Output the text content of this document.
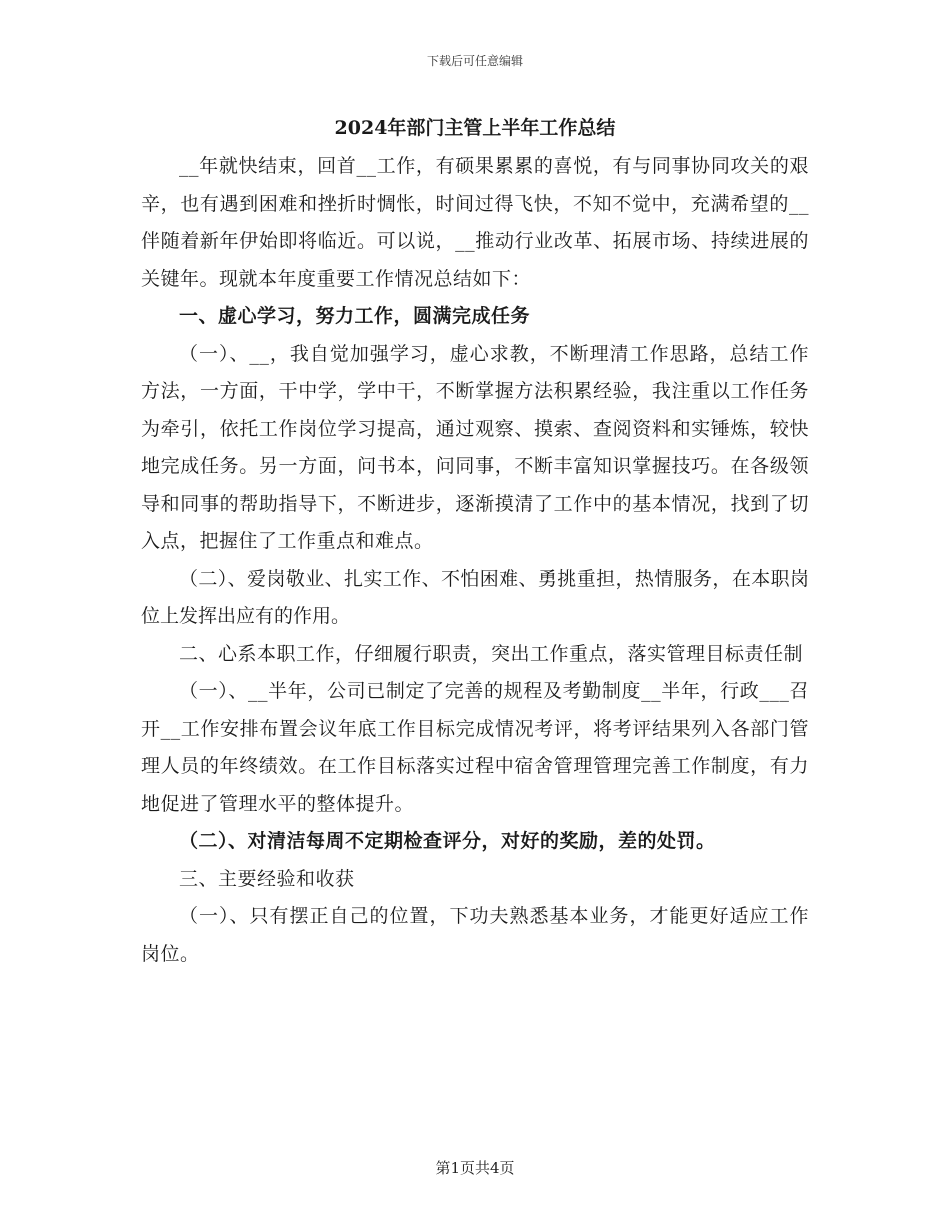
下载后可任意编辑
2024年部门主管上半年工作总结

__年就快结束，回首__工作，有硕果累累的喜悦，有与同事协同攻关的艰辛，也有遇到困难和挫折时惆怅，时间过得飞快，不知不觉中，充满希望的__伴随着新年伊始即将临近。可以说，__推动行业改革、拓展市场、持续进展的关键年。现就本年度重要工作情况总结如下：

一、虚心学习，努力工作，圆满完成任务

（一）、__，我自觉加强学习，虚心求教，不断理清工作思路，总结工作方法，一方面，干中学，学中干，不断掌握方法积累经验，我注重以工作任务为牵引，依托工作岗位学习提高，通过观察、摸索、查阅资料和实锤炼，较快地完成任务。另一方面，问书本，问同事，不断丰富知识掌握技巧。在各级领导和同事的帮助指导下，不断进步，逐渐摸清了工作中的基本情况，找到了切入点，把握住了工作重点和难点。

（二）、爱岗敬业、扎实工作、不怕困难、勇挑重担，热情服务，在本职岗位上发挥出应有的作用。

二、心系本职工作，仔细履行职责，突出工作重点，落实管理目标责任制

（一）、__半年，公司已制定了完善的规程及考勤制度__半年，行政___召开__工作安排布置会议年底工作目标完成情况考评，将考评结果列入各部门管理人员的年终绩效。在工作目标落实过程中宿舍管理管理完善工作制度，有力地促进了管理水平的整体提升。

（二）、对清洁每周不定期检查评分，对好的奖励，差的处罚。

三、主要经验和收获

（一）、只有摆正自己的位置，下功夫熟悉基本业务，才能更好适应工作岗位。

第1页共4页
